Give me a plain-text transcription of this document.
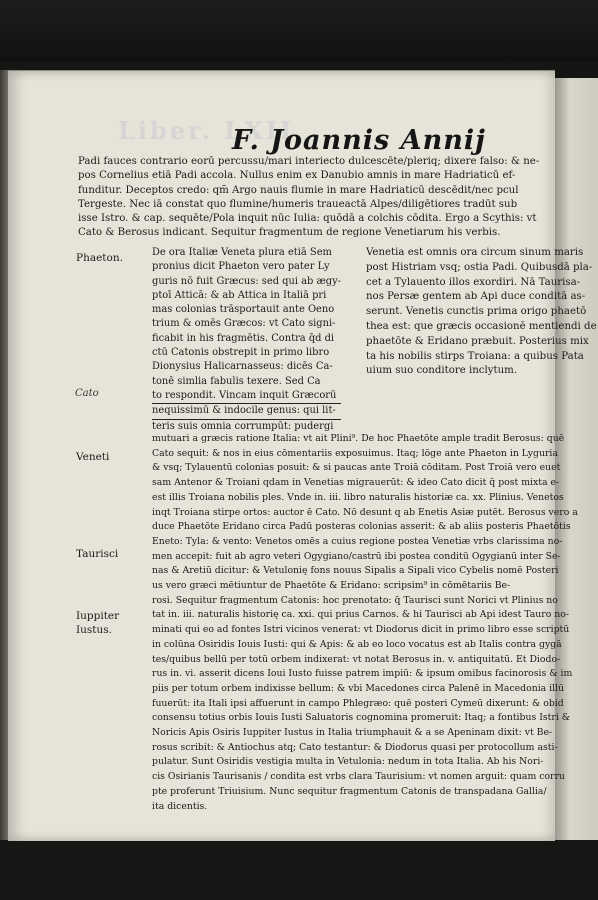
Liber. LXII
F. Joannis Annij
Padi fauces contrario eorū percussu/mari interiecto dulcescēte/pleriq; dixere falso: & ne-
pos Cornelius etiā Padi accola. Nullus enim ex Danubio amnis in mare Hadriaticū ef-
funditur. Deceptos credo: qm̄ Argo nauis flumie in mare Hadriaticū descēdit/nec pcul
Tergeste. Nec iā constat quo flumine/humeris traueactā Alpes/diligētiores tradūt sub
isse Istro. & cap. sequēte/Pola inquit nūc Iulia: quōdā a colchis cōdita. Ergo a Scythis: vt
Cato & Berosus indicant. Sequitur fragmentum de regione Venetiarum his verbis.
De ora Italiæ Veneta plura etiā Sem
pronius dicit Phaeton vero pater Ly
guris nō fuit Græcus: sed qui ab ægy-
ptoī Atticā: & ab Attica in Italiā pri
mas colonias trāsportauit ante Oeno
trium & omēs Græcos: vt Cato signi-
ficabit in his fragmētis. Contra q̄d di
ctū Catonis obstrepit in primo libro
Dionysius Halicarnasseus: dicēs Ca-
tonē simlia fabulis texere. Sed Ca
to respondit. Vincam inquit Græcorū
nequissimū & indocile genus: qui lit-
teris suis omnia corrumpūt: pudergi
Venetia est omnis ora circum sinum maris
post Histriam vsq; ostia Padi. Quibusdā pla-
cet a Tylauento illos exordiri. Nā Taurisa-
nos Persæ gentem ab Api duce conditā as-
serunt. Venetis cunctis prima origo phaetō
thea est: que græcis occasionē mentiendi de
phaetōte & Eridano præbuit. Posterius mix
ta his nobilis stirps Troiana: a quibus Pata
uium suo conditore inclytum.
mutuari a græcis ratione Italia: vt ait Plini⁹. De hoc Phaetōte ample tradit Berosus: quē
Cato sequit: & nos in eius cōmentariis exposuimus. Itaq; lōge ante Phaeton in Lyguria
& vsq; Tylauentū colonias posuit: & si paucas ante Troiā cōditam. Post Troiā vero euet
sam Antenor & Troiani qdam in Venetias migrauerūt: & ideo Cato dicit q̄ post mixta e-
est illis Troiana nobilis ples. Vnde in. iii. libro naturalis historiæ ca. xx. Plinius. Venetos
inqt Troiana stirpe ortos: auctor ē Cato. Nō desunt q ab Enetis Asiæ putēt. Berosus vero a
duce Phaetōte Eridano circa Padū posteras colonias asserit: & ab aliis posteris Phaetōtis
Eneto: Tyla: & vento: Venetos omēs a cuius regione postea Venetiæ vrbs clarissima no-
men accepit: fuit ab agro veteri Ogygiano/castrū ibi postea conditū Ogygianū inter Se-
nas & Aretiū dicitur: & Vetulonię fons nouus Sipalis a Sipali vico Cybelis nomē Posteri
us vero græci mētiuntur de Phaetōte & Eridano: scripsim⁹ in cōmētariis Be-
rosi. Sequitur fragmentum Catonis: hoc prenotato: q̄ Taurisci sunt Norici vt Plinius no
tat in. iii. naturalis historię ca. xxi. qui prius Carnos. & hi Taurisci ab Api idest Tauro no-
minati qui eo ad fontes Istri vicinos venerat: vt Diodorus dicit in primo libro esse scriptū
in colūna Osiridis Iouis Iusti: qui & Apis: & ab eo loco vocatus est ab Italis contra gygā
tes/quibus bellū per totū orbem indixerat: vt notat Berosus in. v. antiquitatū. Et Diodo-
rus in. vi. asserit dicens Ioui Iusto fuisse patrem impiū: & ipsum omibus facinorosis & im
piis per totum orbem indixisse bellum: & vbi Macedones circa Palenē in Macedonia illū
fuuerūt: ita Itali ipsi affuerunt in campo Phlegræo: quē posteri Cymeū dixerunt: & obid
consensu totius orbis Iouis Iusti Saluatoris cognomina promeruit: Itaq; a fontibus Istri &
Noricis Apis Osiris Iuppiter Iustus in Italia triumphauit & a se Apeninam dixit: vt Be-
rosus scribit: & Antiochus atq; Cato testantur: & Diodorus quasi per protocollum asti-
pulatur. Sunt Osiridis vestigia multa in Vetulonia: nedum in tota Italia. Ab his Nori-
cis Osirianis Taurisanis / condita est vrbs clara Taurisium: vt nomen arguit: quam corru
pte proferunt Triuisium. Nunc sequitur fragmentum Catonis de transpadana Gallia/
ita dicentis.
Phaeton.
Cato
Veneti
Taurisci
Iuppiter
Iustus.
